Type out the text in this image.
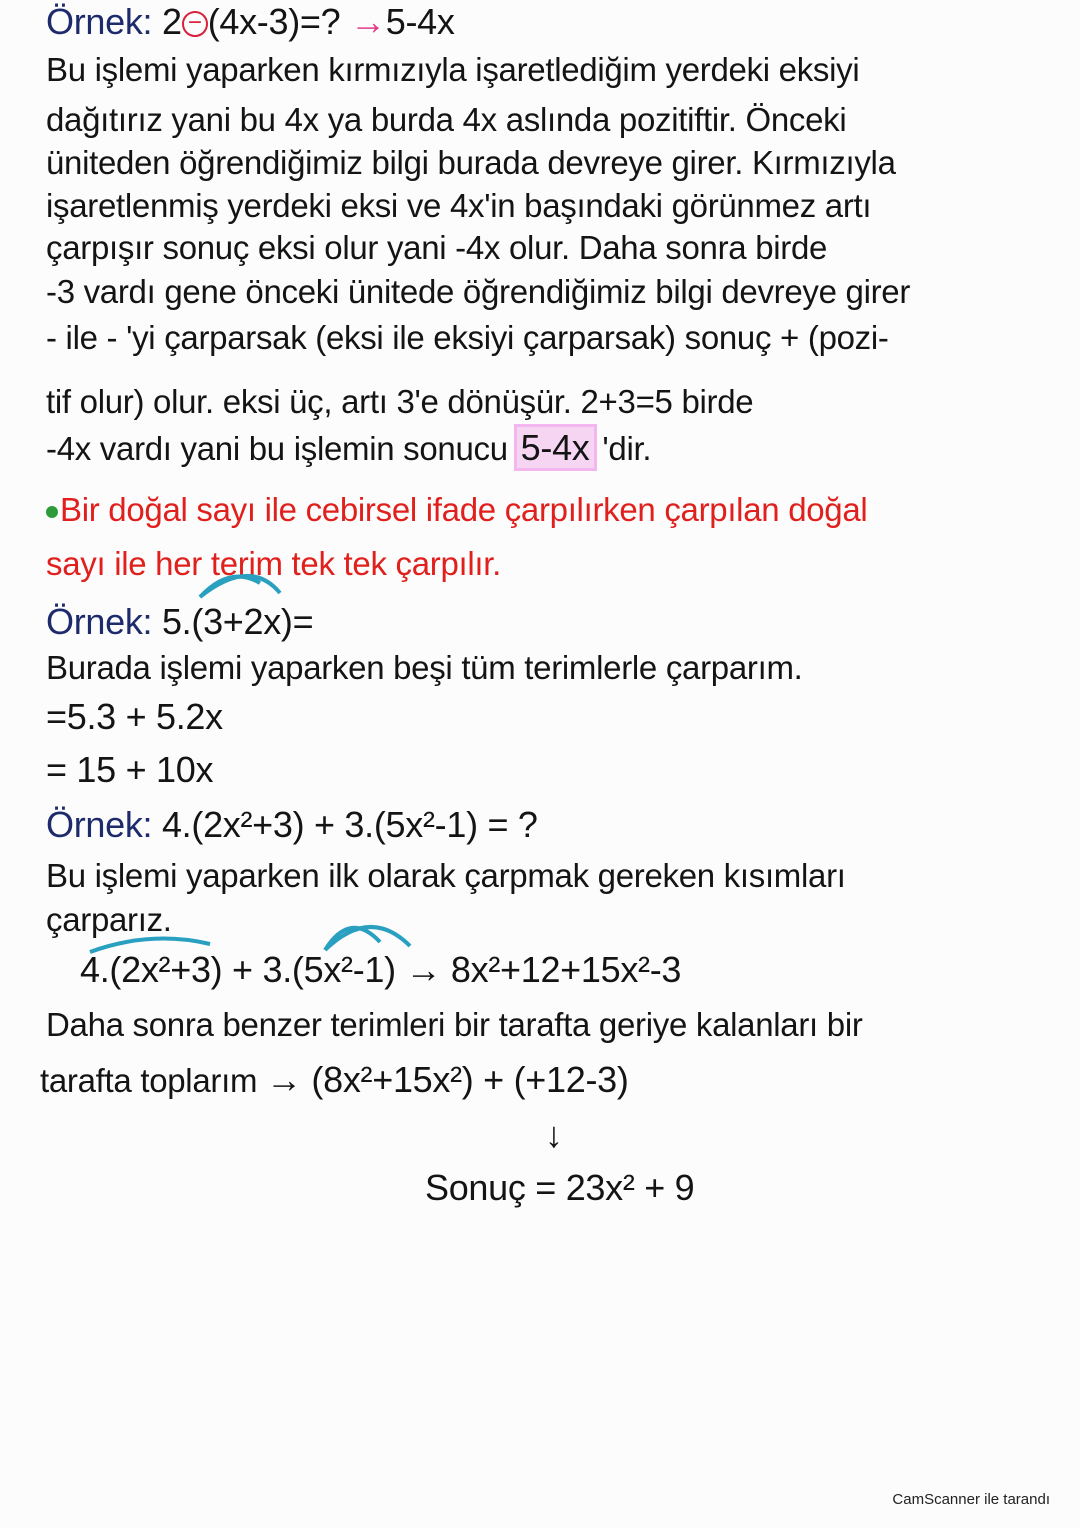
Örnek: 2 − (4x-3)=? →5-4x
Bu işlemi yaparken kırmızıyla işaretlediğim yerdeki eksiyi
dağıtırız yani bu 4x ya burda 4x aslında pozitiftir. Önceki
üniteden öğrendiğimiz bilgi burada devreye girer. Kırmızıyla
işaretlenmiş yerdeki eksi ve 4x'in başındaki görünmez artı
çarpışır sonuç eksi olur yani -4x olur. Daha sonra birde
-3 vardı gene önceki ünitede öğrendiğimiz bilgi devreye girer
- ile - 'yi çarparsak (eksi ile eksiyi çarparsak) sonuç + (pozi-
tif olur) olur. eksi üç, artı 3'e dönüşür. 2+3=5 birde
-4x vardı yani bu işlemin sonucu 5-4x 'dir.
Bir doğal sayı ile cebirsel ifade çarpılırken çarpılan doğal
sayı ile her terim tek tek çarpılır.
Örnek: 5.(3+2x)=
Burada işlemi yaparken beşi tüm terimlerle çarparım.
=5.3 + 5.2x
= 15 + 10x
Örnek: 4.(2x²+3) + 3.(5x²-1) = ?
Bu işlemi yaparken ilk olarak çarpmak gereken kısımları
çarparız.
4.(2x²+3) + 3.(5x²-1) → 8x²+12+15x²-3
Daha sonra benzer terimleri bir tarafta geriye kalanları bir
tarafta toplarım → (8x²+15x²) + (+12-3)
↓
Sonuç = 23x² + 9
CamScanner ile tarandı
